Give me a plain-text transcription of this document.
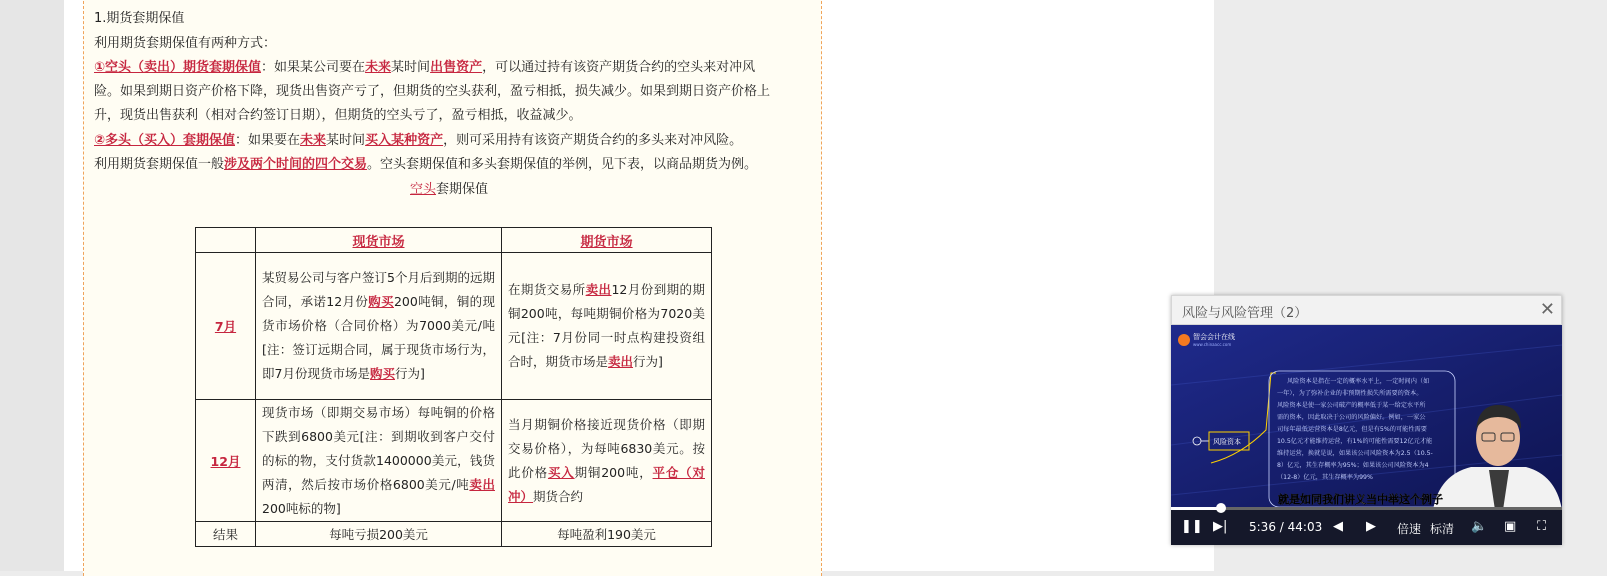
1.期货套期保值
利用期货套期保值有两种方式：
①空头（卖出）期货套期保值：如果某公司要在未来某时间出售资产，可以通过持有该资产期货合约的空头来对冲风
险。如果到期日资产价格下降，现货出售资产亏了，但期货的空头获利，盈亏相抵，损失减少。如果到期日资产价格上
升，现货出售获利（相对合约签订日期），但期货的空头亏了，盈亏相抵，收益减少。
②多头（买入）套期保值：如果要在未来某时间买入某种资产，则可采用持有该资产期货合约的多头来对冲风险。
利用期货套期保值一般涉及两个时间的四个交易。空头套期保值和多头套期保值的举例，见下表，以商品期货为例。
空头套期保值
	现货市场	期货市场
7月	某贸易公司与客户签订5个月后到期的远期合同，承诺12月份购买200吨铜，铜的现货市场价格（合同价格）为7000美元/吨[注：签订远期合同，属于现货市场行为，即7月份现货市场是购买行为]	在期货交易所卖出12月份到期的期铜200吨，每吨期铜价格为7020美元[注：7月份同一时点构建投资组合时，期货市场是卖出行为]
12月	现货市场（即期交易市场）每吨铜的价格下跌到6800美元[注：到期收到客户交付的标的物，支付货款1400000美元，钱货两清，然后按市场价格6800美元/吨卖出200吨标的物]	当月期铜价格接近现货价格（即期交易价格），为每吨6830美元。按此价格买入期铜200吨，平仓（对冲）期货合约
结果	每吨亏损200美元	每吨盈利190美元
风险与风险管理（2）	✕
智会会计在线
www.chinaacc.com
风险资本
风险资本是指在一定的概率水平上，一定时间内（如
一年），为了弥补企业的非预期性损失所需要的资本。
风险资本是使一家公司破产的概率低于某一给定水平所
需的资本，因此取决于公司的风险偏好。例如，一家公
司每年最低运营资本是8亿元，但是有5%的可能性需要
10.5亿元才能维持运营，有1%的可能性需要12亿元才能
维持运营，换就是说，如果该公司风险资本为2.5（10.5-
8）亿元，其生存概率为95%；如果该公司风险资本为4
（12-8）亿元，其生存概率为99%
就是如同我们讲义当中举这个例子
❚❚ ▶| 5:36 / 44:03 ◀ ▶ 倍速 标清 🔈 ▣ ⛶
